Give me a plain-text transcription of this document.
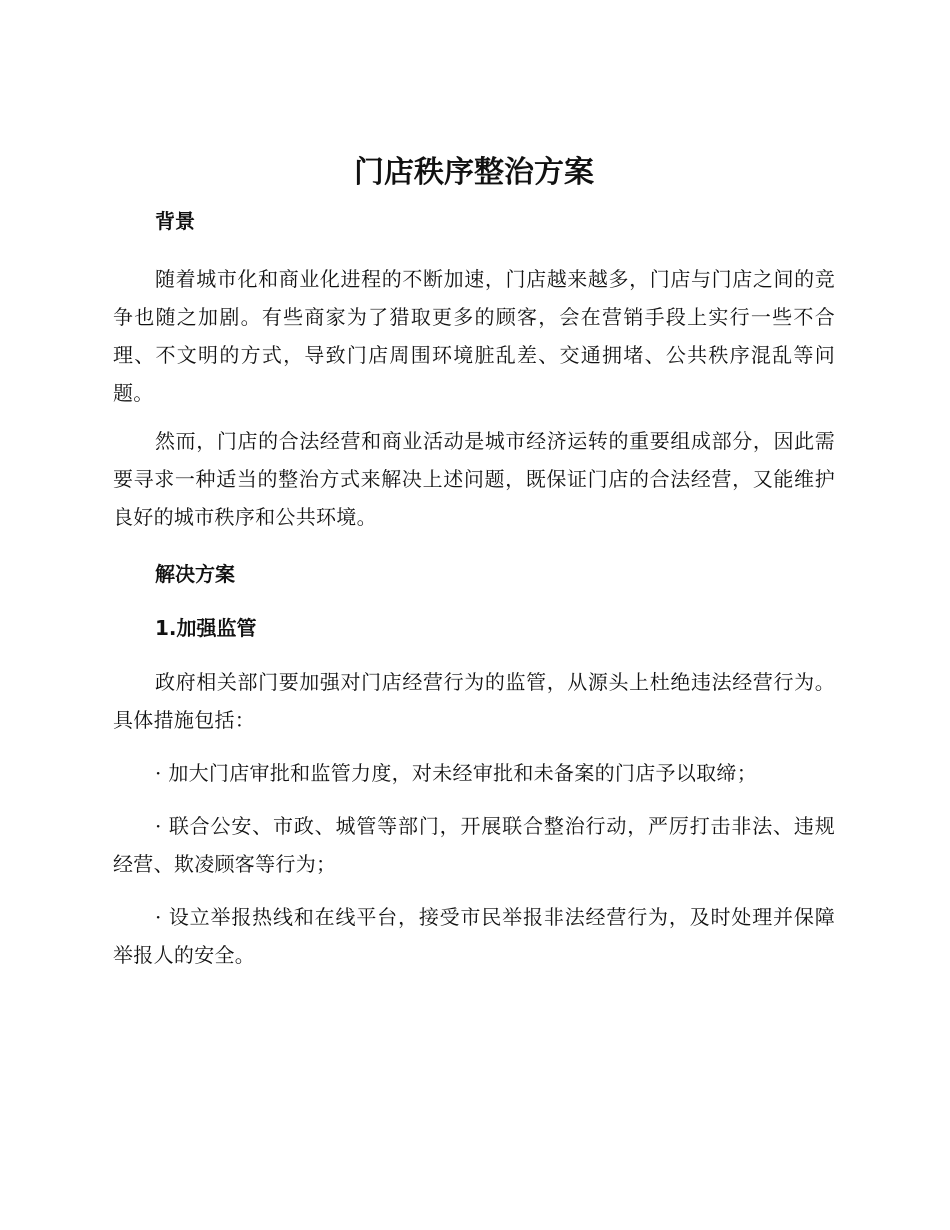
门店秩序整治方案
背景

随着城市化和商业化进程的不断加速，门店越来越多，门店与门店之间的竞争也随之加剧。有些商家为了猎取更多的顾客，会在营销手段上实行一些不合理、不文明的方式，导致门店周围环境脏乱差、交通拥堵、公共秩序混乱等问题。

然而，门店的合法经营和商业活动是城市经济运转的重要组成部分，因此需要寻求一种适当的整治方式来解决上述问题，既保证门店的合法经营，又能维护良好的城市秩序和公共环境。

解决方案
1.加强监管

政府相关部门要加强对门店经营行为的监管，从源头上杜绝违法经营行为。具体措施包括：

· 加大门店审批和监管力度，对未经审批和未备案的门店予以取缔；

· 联合公安、市政、城管等部门，开展联合整治行动，严厉打击非法、违规经营、欺凌顾客等行为；

· 设立举报热线和在线平台，接受市民举报非法经营行为，及时处理并保障举报人的安全。
